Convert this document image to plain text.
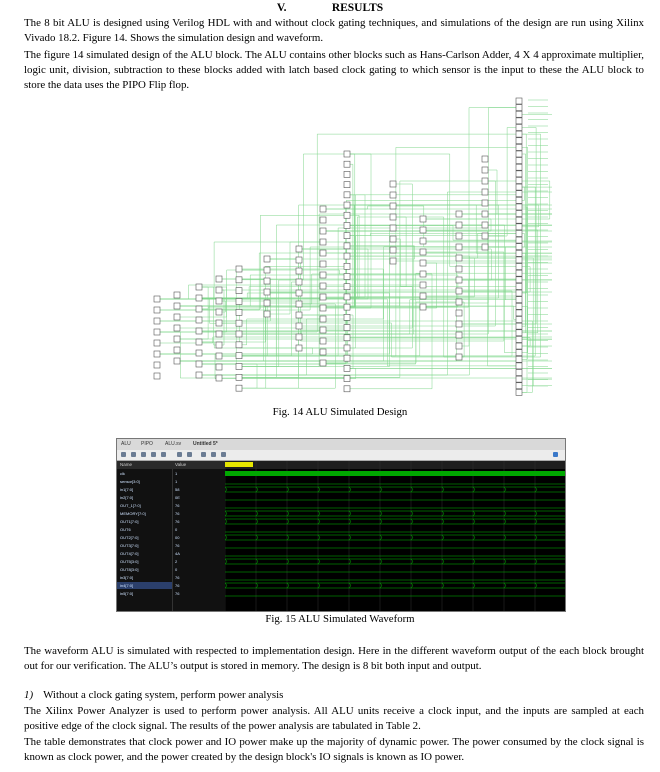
V.	RESULTS

The 8 bit ALU is designed using Verilog HDL with and without clock gating techniques, and simulations of the design are run using Xilinx Vivado 18.2. Figure 14. Shows the simulation design and waveform.

The figure 14 simulated design of the ALU block. The ALU contains other blocks such as Hans-Carlson Adder, 4 X 4 approximate multiplier, logic unit, division, subtraction to these blocks added with latch based clock gating to which sensor is the input to these the ALU block to store the data uses the PIPO Flip flop.

Fig. 14 ALU Simulated Design
ALU PIPO ALU.sv Untitled 5*
Name
clk
sensor[3:0]
in1[7:0]
in2[7:0]
OUT_1[7:0]
MEMORY[7:0]
OUT1[7:0]
OUT6
OUT2[7:0]
OUT3[7:0]
OUT4[7:0]
OUT5[3:0]
OUT8[3:0]
in3[7:0]
in4[7:0]
in5[7:0]
Value
1
1
58
0E
76
76
76
0
00
76
4A
2
0
76
76
76
Fig. 15 ALU Simulated Waveform

The waveform ALU is simulated with respected to implementation design. Here in the different waveform output of the each block brought out for our verification. The ALU’s output is stored in memory. The design is 8 bit both input and output.

1) Without a clock gating system, perform power analysis

The Xilinx Power Analyzer is used to perform power analysis. All ALU units receive a clock input, and the inputs are sampled at each positive edge of the clock signal. The results of the power analysis are tabulated in Table 2.

The table demonstrates that clock power and IO power make up the majority of dynamic power. The power consumed by the clock signal is known as clock power, and the power created by the design block's IO signals is known as IO power.
